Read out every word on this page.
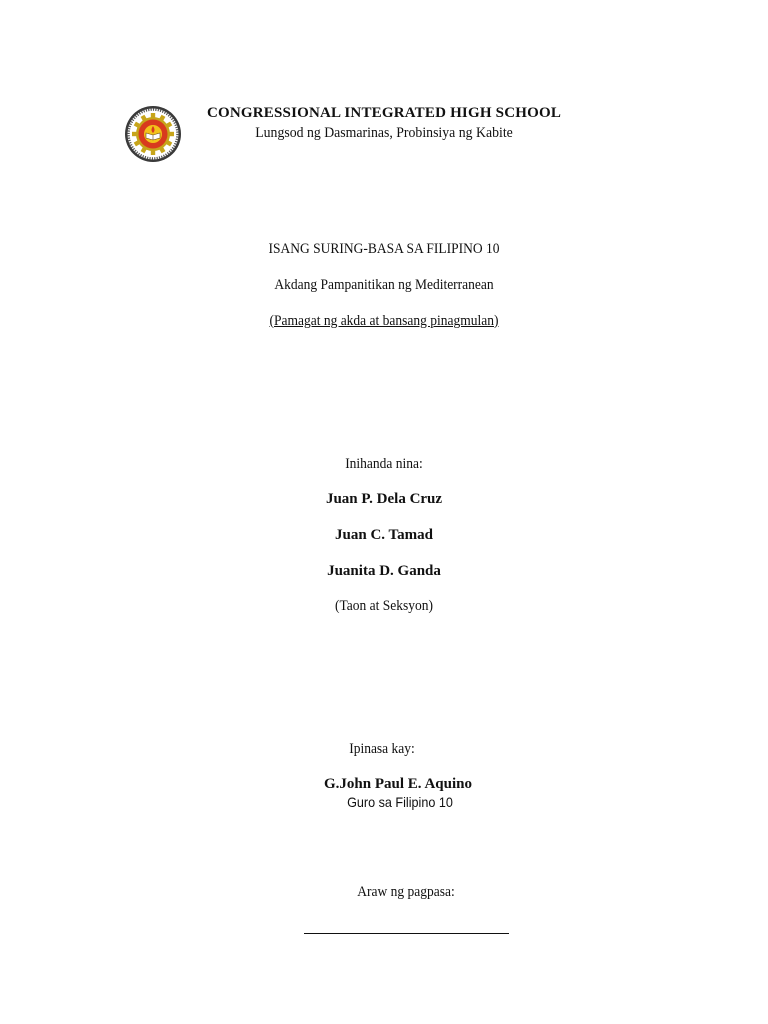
CONGRESSIONAL INTEGRATED HIGH SCHOOL
Lungsod ng Dasmarinas, Probinsiya ng Kabite
ISANG SURING-BASA SA FILIPINO 10
Akdang Pampanitikan ng Mediterranean
(Pamagat ng akda at bansang pinagmulan)
Inihanda nina:
Juan P. Dela Cruz
Juan C. Tamad
Juanita D. Ganda
(Taon at Seksyon)
Ipinasa kay:
G.John Paul E. Aquino
Guro sa Filipino 10
Araw ng pagpasa:
